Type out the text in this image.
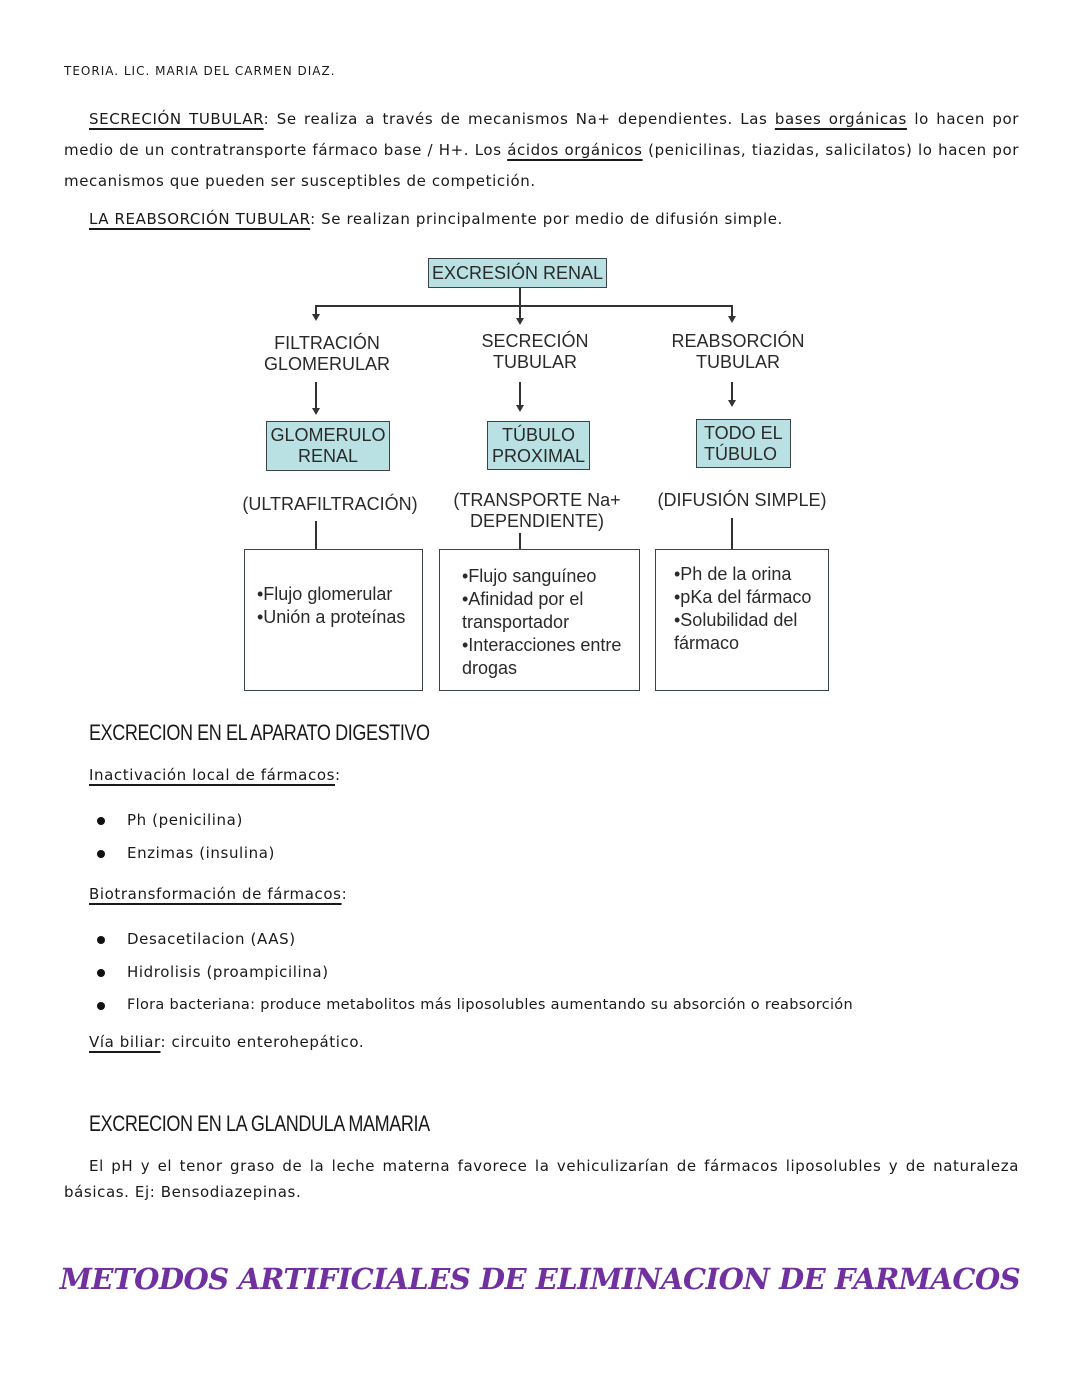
TEORIA. LIC. MARIA DEL CARMEN DIAZ.
SECRECIÓN TUBULAR: Se realiza a través de mecanismos Na+ dependientes. Las bases orgánicas lo hacen por medio de un contratransporte fármaco base / H+. Los ácidos orgánicos (penicilinas, tiazidas, salicilatos) lo hacen por mecanismos que pueden ser susceptibles de competición.
LA REABSORCIÓN TUBULAR: Se realizan principalmente por medio de difusión simple.
EXCRESIÓN RENAL
FILTRACIÓN
GLOMERULAR
SECRECIÓN
TUBULAR
REABSORCIÓN
TUBULAR
GLOMERULO
RENAL
TÚBULO
PROXIMAL
TODO EL
TÚBULO
(ULTRAFILTRACIÓN)	(TRANSPORTE Na+
DEPENDIENTE)
(DIFUSIÓN SIMPLE)
•Flujo glomerular
•Unión a proteínas
•Flujo sanguíneo
•Afinidad por el
transportador
•Interacciones entre
drogas
•Ph de la orina
•pKa del fármaco
•Solubilidad del
fármaco
EXCRECION EN EL APARATO DIGESTIVO
Inactivación local de fármacos:
Ph (penicilina)
Enzimas (insulina)
Biotransformación de fármacos:
Desacetilacion (AAS)
Hidrolisis (proampicilina)
Flora bacteriana: produce metabolitos más liposolubles aumentando su absorción o reabsorción
Vía biliar: circuito enterohepático.
EXCRECION EN LA GLANDULA MAMARIA
El pH y el tenor graso de la leche materna favorece la vehiculizarían de fármacos liposolubles y de naturaleza básicas. Ej: Bensodiazepinas.
METODOS ARTIFICIALES DE ELIMINACION DE FARMACOS
